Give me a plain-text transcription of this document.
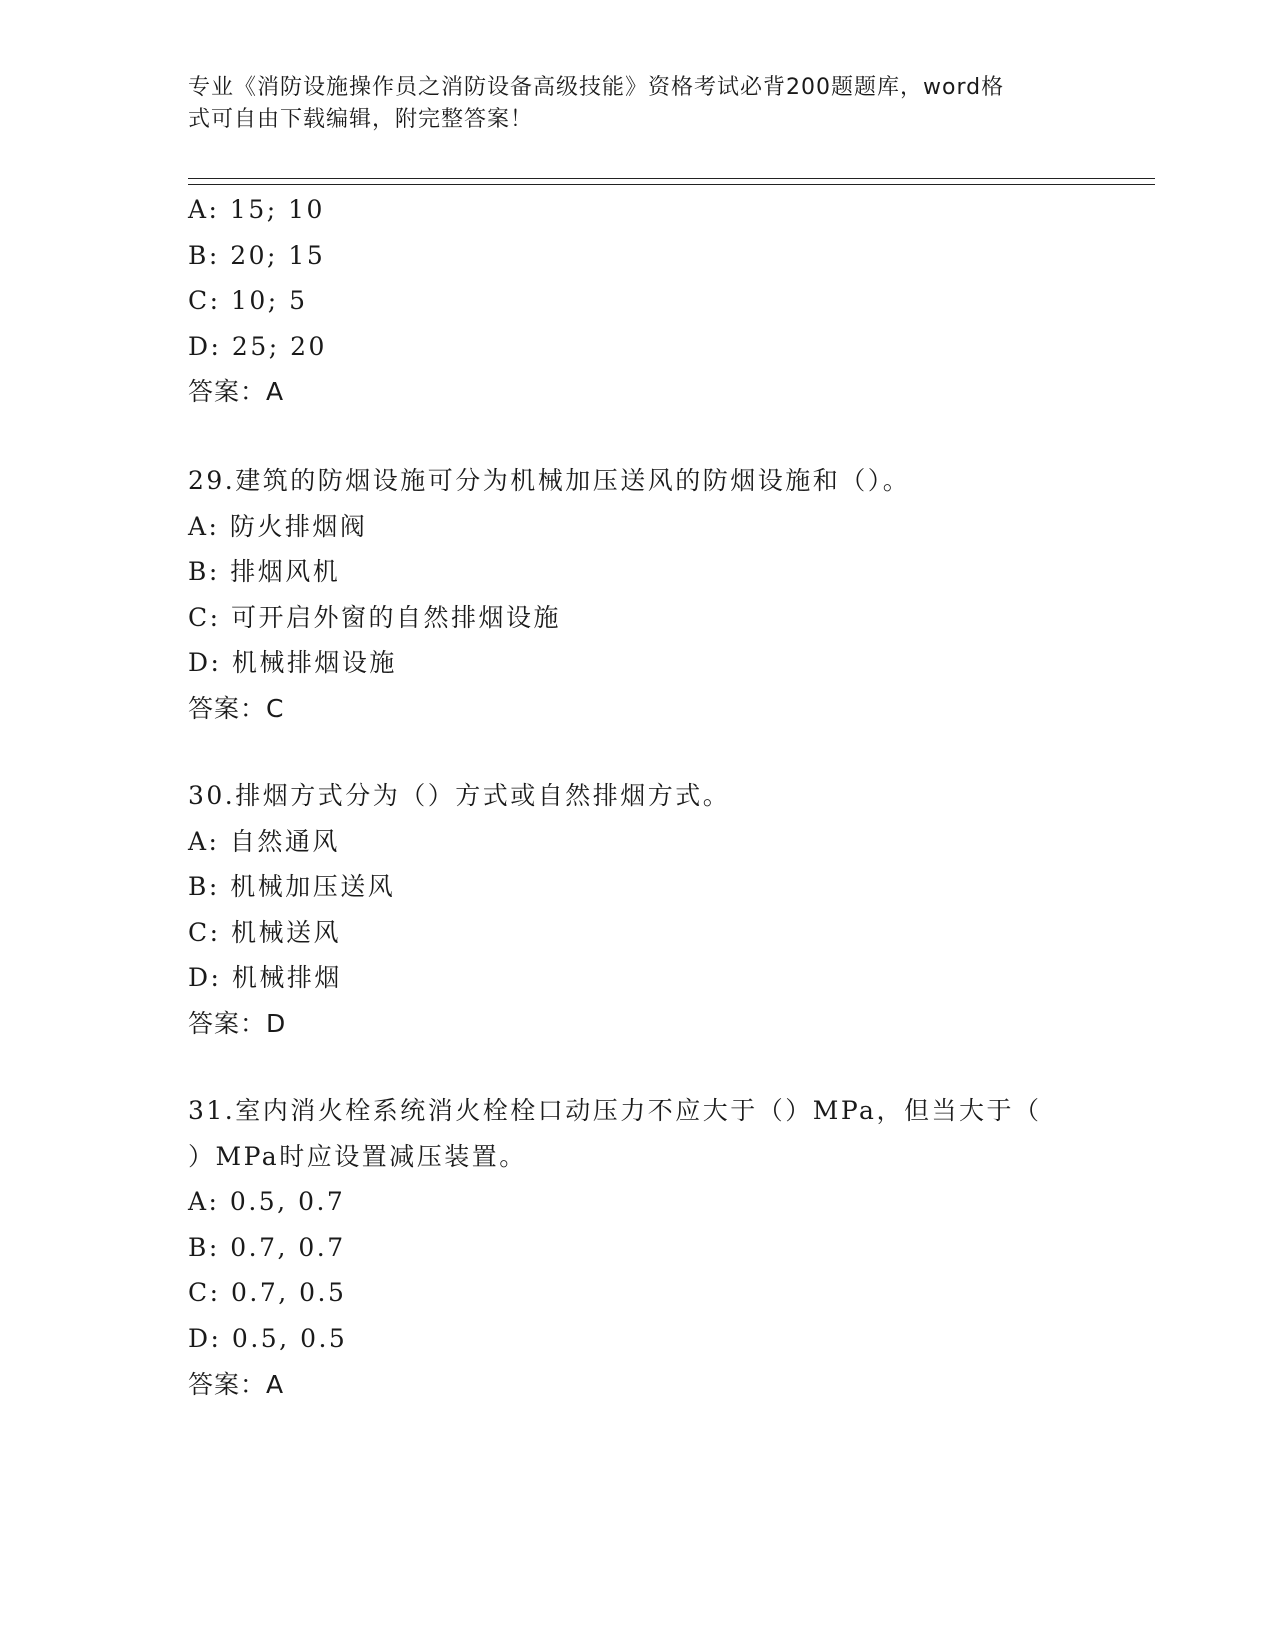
专业《消防设施操作员之消防设备高级技能》资格考试必背200题题库，word格
式可自由下载编辑，附完整答案！
A: 15; 10
B: 20; 15
C: 10; 5
D: 25; 20
答案：A
29.建筑的防烟设施可分为机械加压送风的防烟设施和（）。
A: 防火排烟阀
B: 排烟风机
C: 可开启外窗的自然排烟设施
D: 机械排烟设施
答案：C
30.排烟方式分为（）方式或自然排烟方式。
A: 自然通风
B: 机械加压送风
C: 机械送风
D: 机械排烟
答案：D
31.室内消火栓系统消火栓栓口动压力不应大于（）MPa，但当大于（
）MPa时应设置减压装置。
A: 0.5, 0.7
B: 0.7, 0.7
C: 0.7, 0.5
D: 0.5, 0.5
答案：A
